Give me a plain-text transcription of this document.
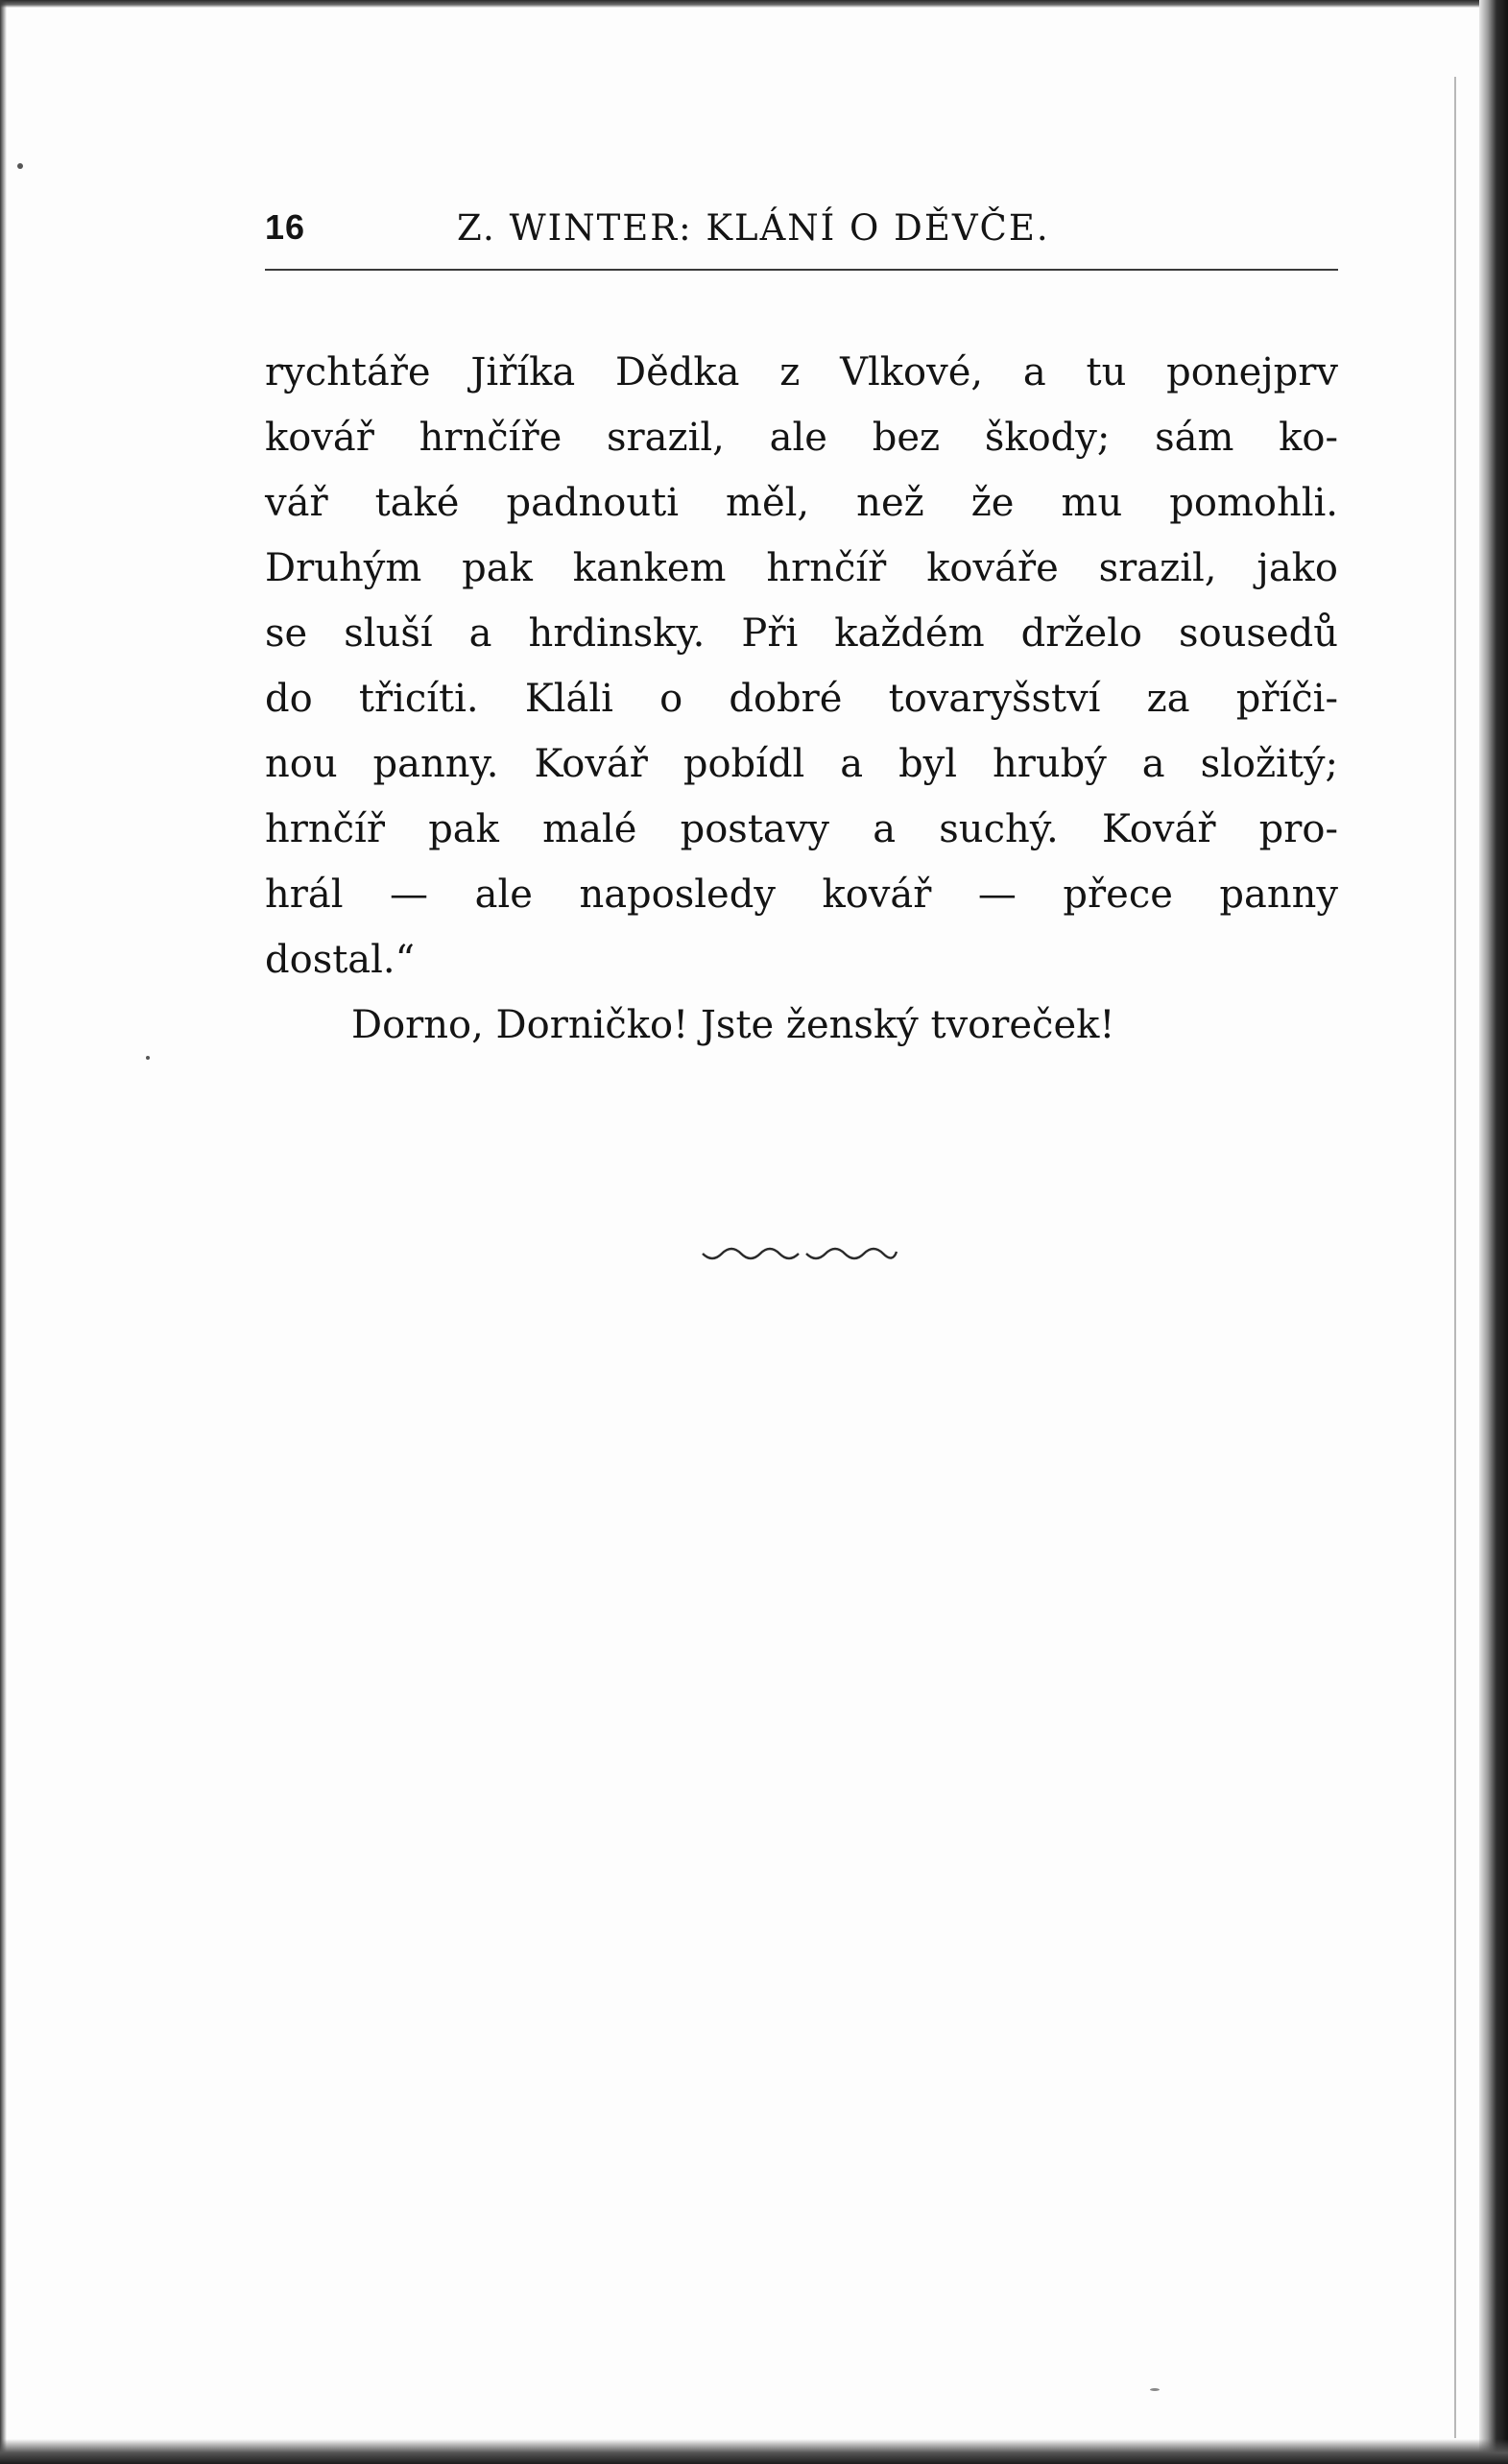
16	Z. WINTER: KLÁNÍ O DĚVČE.
rychtáře Jiříka Dědka z Vlkové, a tu ponejprv
kovář hrnčíře srazil, ale bez škody; sám ko-
vář také padnouti měl, než že mu pomohli.
Druhým pak kankem hrnčíř kováře srazil, jako
se sluší a hrdinsky. Při každém drželo sousedů
do třicíti. Kláli o dobré tovaryšství za příči-
nou panny. Kovář pobídl a byl hrubý a složitý;
hrnčíř pak malé postavy a suchý. Kovář pro-
hrál — ale naposledy kovář — přece panny
dostal.“
Dorno, Dorničko! Jste ženský tvoreček!
